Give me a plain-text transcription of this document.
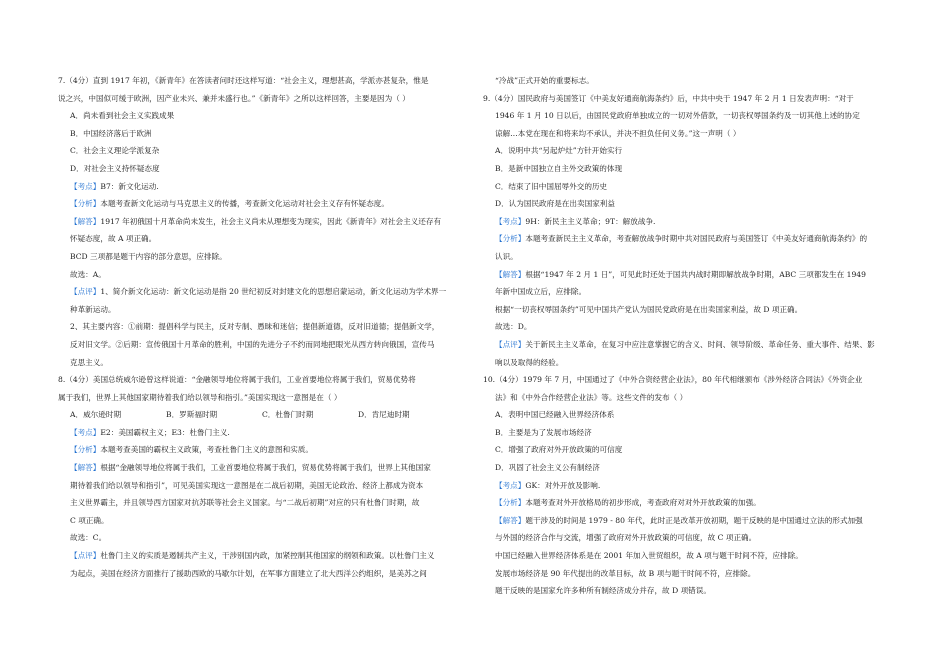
7.（4分）直到 1917 年初，《新青年》在答读者问时还这样写道：“社会主义，理想甚高，学派亦甚复杂，惟是
说之兴，中国似可缓于欧洲，因产业未兴、兼并未盛行也。”《新青年》之所以这样回答，主要是因为（ ）
A．尚未看到社会主义实践成果
B．中国经济落后于欧洲
C．社会主义理论学派复杂
D．对社会主义持怀疑态度
【考点】B7：新文化运动.
【分析】本题考查新文化运动与马克思主义的传播，考查新文化运动对社会主义存有怀疑态度。
【解答】1917 年初俄国十月革命尚未发生，社会主义尚未从理想变为现实，因此《新青年》对社会主义还存有
怀疑态度，故 A 项正确。
BCD 三项都是题干内容的部分意思，应排除。
故选：A。
【点评】1、简介新文化运动：新文化运动是指 20 世纪初反对封建文化的思想启蒙运动，新文化运动为学术界一
种革新运动。
2、其主要内容：①前期：提倡科学与民主，反对专制、愚昧和迷信；提倡新道德，反对旧道德；提倡新文学，
反对旧文学。②后期：宣传俄国十月革命的胜利，中国的先进分子不约而同地把眼光从西方转向俄国，宣传马
克思主义。
8.（4分）美国总统威尔逊曾这样说道：“金融领导地位将属于我们，工业首要地位将属于我们，贸易优势将
属于我们，世界上其他国家期待着我们给以领导和指引。”美国实现这一意图是在（ ）
A．威尔逊时期	B．罗斯福时期	C．杜鲁门时期	D．肯尼迪时期
【考点】E2：美国霸权主义；E3：杜鲁门主义.
【分析】本题考查美国的霸权主义政策，考查杜鲁门主义的意图和实质。
【解答】根据“金融领导地位将属于我们，工业首要地位将属于我们，贸易优势将属于我们，世界上其他国家
期待着我们给以领导和指引”，可见美国实现这一意图是在二战后初期，美国无论政治、经济上都成为资本
主义世界霸主，并且领导西方国家对抗苏联等社会主义国家。与“二战后初期”对应的只有杜鲁门时期，故
C 项正确。
故选：C。
【点评】杜鲁门主义的实质是遏制共产主义，干涉别国内政，加紧控制其他国家的纲领和政策。以杜鲁门主义
为起点，美国在经济方面推行了援助西欧的马歇尔计划，在军事方面建立了北大西洋公约组织，是美苏之间
“冷战”正式开始的重要标志。
9.（4分）国民政府与美国签订《中美友好通商航海条约》后，中共中央于 1947 年 2 月 1 日发表声明：“对于
1946 年 1 月 10 日以后，由国民党政府单独成立的一切对外借款，一切丧权辱国条约及一切其他上述的协定
谅解…本党在现在和将来均不承认，并决不担负任何义务。”这一声明（ ）
A．说明中共“另起炉灶”方针开始实行
B．是新中国独立自主外交政策的体现
C．结束了旧中国屈辱外交的历史
D．认为国民政府是在出卖国家利益
【考点】9H：新民主主义革命；9T：解放战争.
【分析】本题考查新民主主义革命，考查解放战争时期中共对国民政府与美国签订《中美友好通商航海条约》的
认识。
【解答】根据“1947 年 2 月 1 日”，可见此时还处于国共内战时期即解放战争时期，ABC 三项都发生在 1949
年新中国成立后，应排除。
根据“一切丧权辱国条约”可见中国共产党认为国民党政府是在出卖国家利益，故 D 项正确。
故选：D。
【点评】关于新民主主义革命，在复习中应注意掌握它的含义、时间、领导阶级、革命任务、重大事件、结果、影
响以及取得的经验。
10.（4分）1979 年 7 月，中国通过了《中外合资经营企业法》，80 年代相继颁布《涉外经济合同法》《外资企业
法》和《中外合作经营企业法》等。这些文件的发布（ ）
A．表明中国已经融入世界经济体系
B．主要是为了发展市场经济
C．增强了政府对外开放政策的可信度
D．巩固了社会主义公有制经济
【考点】GK：对外开放及影响.
【分析】本题考查对外开放格局的初步形成，考查政府对对外开放政策的加强。
【解答】题干涉及的时间是 1979 - 80 年代，此时正是改革开放初期，题干反映的是中国通过立法的形式加强
与外国的经济合作与交流，增强了政府对外开放政策的可信度，故 C 项正确。
中国已经融入世界经济体系是在 2001 年加入世贸组织，故 A 项与题干时间不符，应排除。
发展市场经济是 90 年代提出的改革目标，故 B 项与题干时间不符，应排除。
题干反映的是国家允许多种所有制经济成分并存，故 D 项错误。
